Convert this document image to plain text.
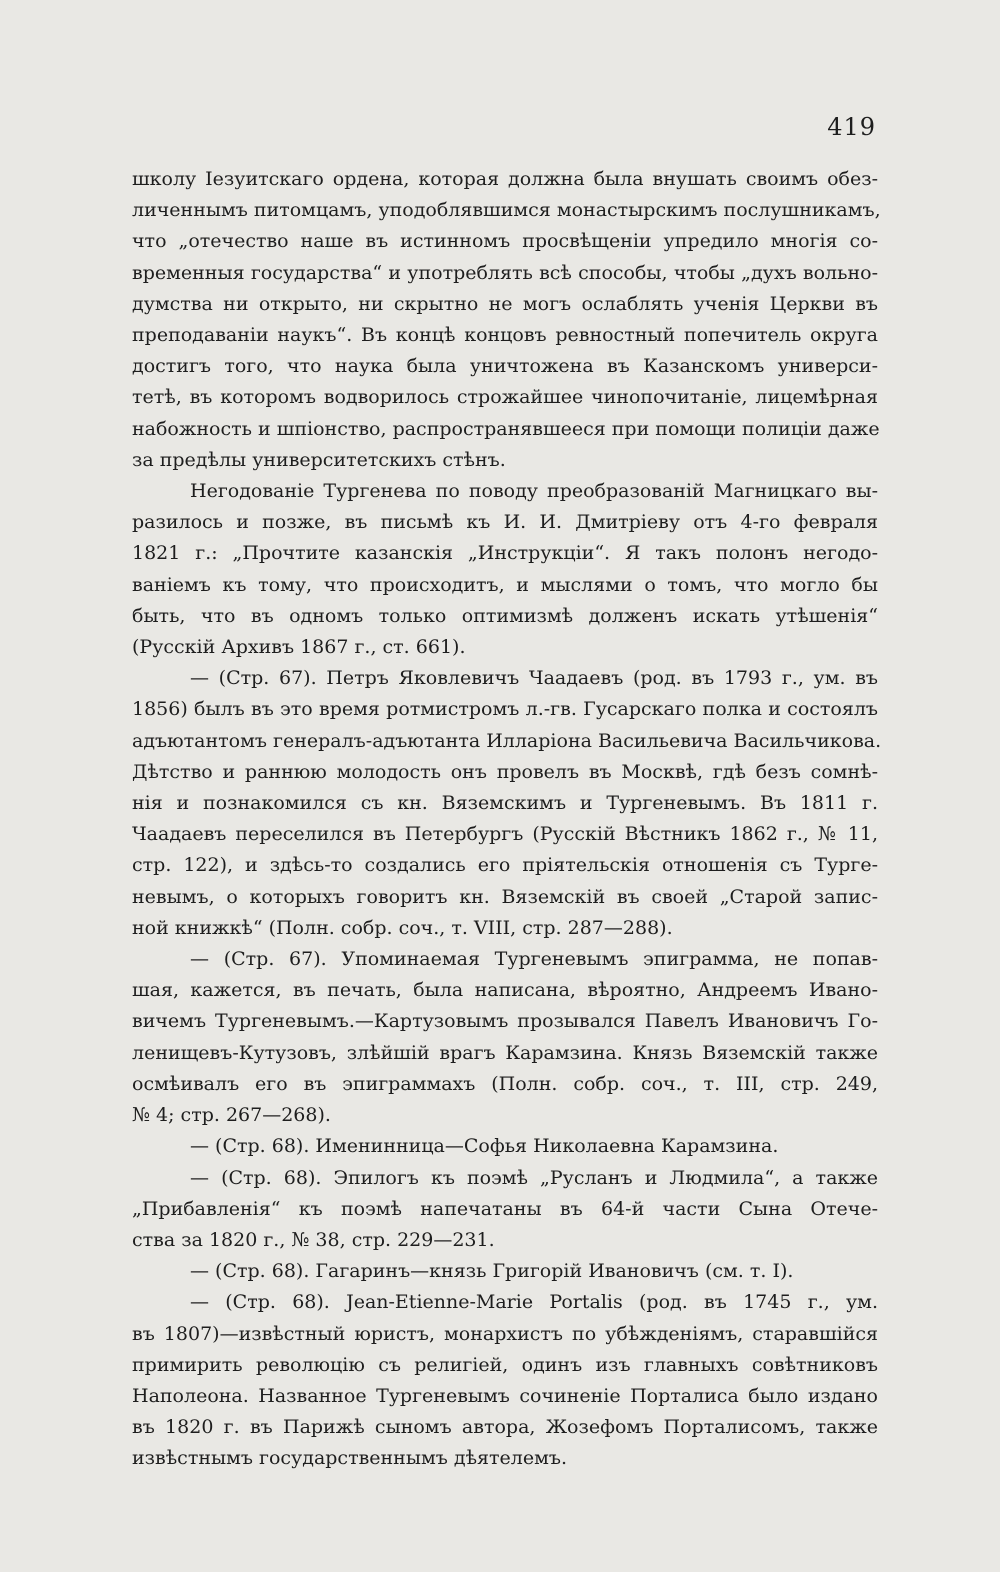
419
школу Iезуитскаго ордена, которая должна была внушать своимъ обез-
личеннымъ питомцамъ, уподоблявшимся монастырскимъ послушникамъ,
что „отечество наше въ истинномъ просвѣщенiи упредило многiя со-
временныя государства“ и употреблять всѣ способы, чтобы „духъ вольно-
думства ни открыто, ни скрытно не могъ ослаблять ученiя Церкви въ
преподаванiи наукъ“. Въ концѣ концовъ ревностный попечитель округа
достигъ того, что наука была уничтожена въ Казанскомъ универси-
тетѣ, въ которомъ водворилось строжайшее чинопочитанiе, лицемѣрная
набожность и шпiонство, распространявшееся при помощи полицiи даже
за предѣлы университетскихъ стѣнъ.
Негодованiе Тургенева по поводу преобразованiй Магницкаго вы-
разилось и позже, въ письмѣ къ И. И. Дмитрiеву отъ 4-го февраля
1821 г.: „Прочтите казанскiя „Инструкцiи“. Я такъ полонъ негодо-
ванiемъ къ тому, что происходитъ, и мыслями о томъ, что могло бы
быть, что въ одномъ только оптимизмѣ долженъ искать утѣшенiя“
(Русскiй Архивъ 1867 г., ст. 661).
— (Стр. 67). Петръ Яковлевичъ Чаадаевъ (род. въ 1793 г., ум. въ
1856) былъ въ это время ротмистромъ л.-гв. Гусарскаго полка и состоялъ
адъютантомъ генералъ-адъютанта Илларiона Васильевича Васильчикова.
Дѣтство и раннюю молодость онъ провелъ въ Москвѣ, гдѣ безъ сомнѣ-
нiя и познакомился съ кн. Вяземскимъ и Тургеневымъ. Въ 1811 г.
Чаадаевъ переселился въ Петербургъ (Русскiй Вѣстникъ 1862 г., № 11,
стр. 122), и здѣсь-то создались его прiятельскiя отношенiя съ Турге-
невымъ, о которыхъ говоритъ кн. Вяземскiй въ своей „Старой запис-
ной книжкѣ“ (Полн. собр. соч., т. VIII, стр. 287—288).
— (Стр. 67). Упоминаемая Тургеневымъ эпиграмма, не попав-
шая, кажется, въ печать, была написана, вѣроятно, Андреемъ Ивано-
вичемъ Тургеневымъ.—Картузовымъ прозывался Павелъ Ивановичъ Го-
ленищевъ-Кутузовъ, злѣйшiй врагъ Карамзина. Князь Вяземскiй также
осмѣивалъ его въ эпиграммахъ (Полн. собр. соч., т. III, стр. 249,
№ 4; стр. 267—268).
— (Стр. 68). Именинница—Софья Николаевна Карамзина.
— (Стр. 68). Эпилогъ къ поэмѣ „Русланъ и Людмила“, а также
„Прибавленiя“ къ поэмѣ напечатаны въ 64-й части Сына Отече-
ства за 1820 г., № 38, стр. 229—231.
— (Стр. 68). Гагаринъ—князь Григорiй Ивановичъ (см. т. I).
— (Стр. 68). Jean-Etienne-Marie Portalis (род. въ 1745 г., ум.
въ 1807)—извѣстный юристъ, монархистъ по убѣжденiямъ, старавшiйся
примирить революцiю съ религiей, одинъ изъ главныхъ совѣтниковъ
Наполеона. Названное Тургеневымъ сочиненiе Порталиса было издано
въ 1820 г. въ Парижѣ сыномъ автора, Жозефомъ Порталисомъ, также
извѣстнымъ государственнымъ дѣятелемъ.
